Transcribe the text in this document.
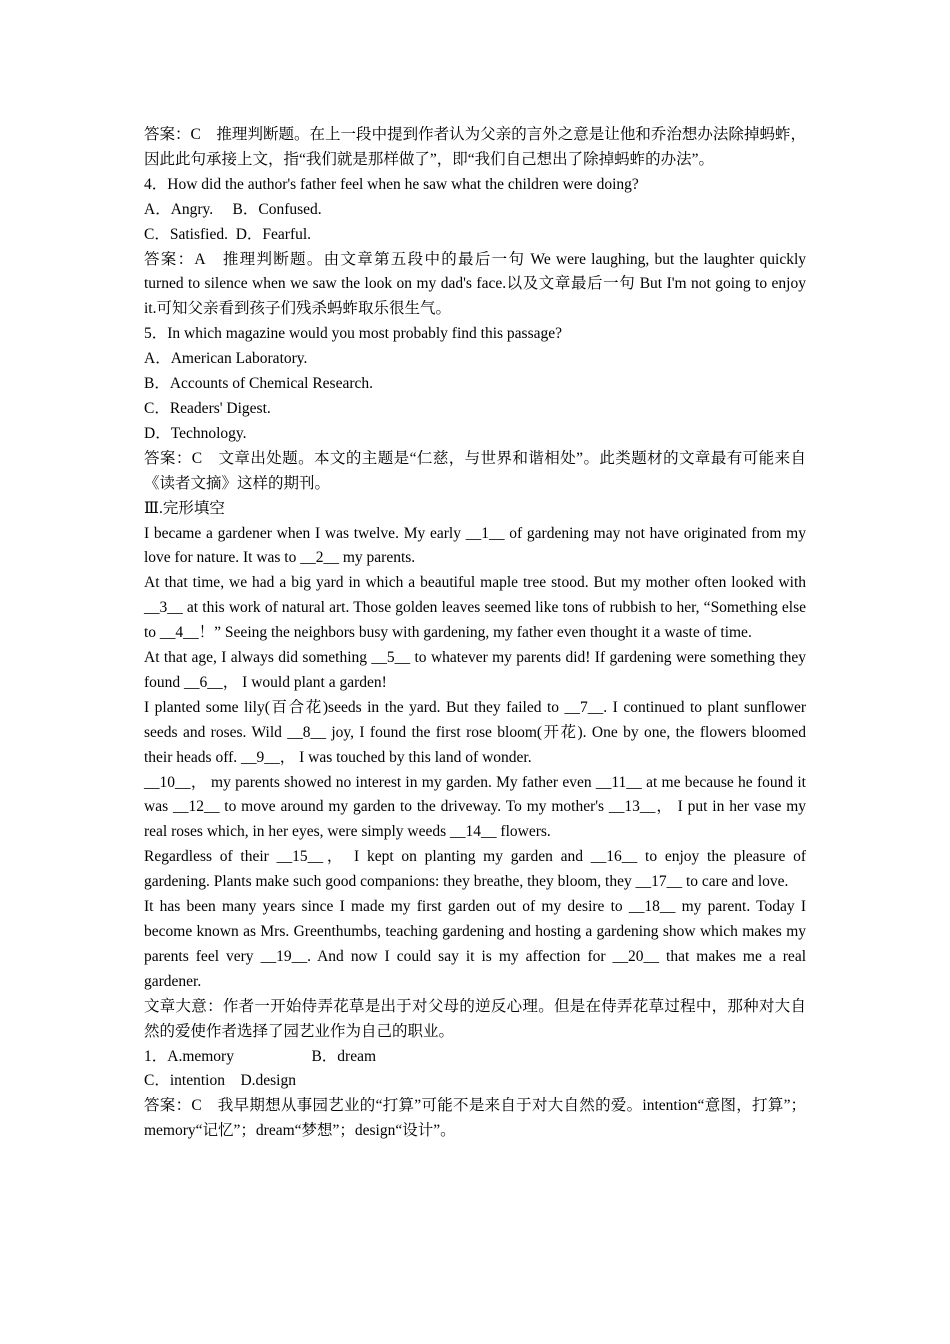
答案：C　推理判断题。在上一段中提到作者认为父亲的言外之意是让他和乔治想办法除掉蚂蚱，因此此句承接上文，指“我们就是那样做了”，即“我们自己想出了除掉蚂蚱的办法”。

4．How did the author's father feel when he saw what the children were doing?

A．Angry.　 B．Confused.

C．Satisfied.  D．Fearful.

答案：A　推理判断题。由文章第五段中的最后一句 We were laughing, but the laughter quickly turned to silence when we saw the look on my dad's face.以及文章最后一句 But I'm not going to enjoy it.可知父亲看到孩子们残杀蚂蚱取乐很生气。

5．In which magazine would you most probably find this passage?

A．American Laboratory.

B．Accounts of Chemical Research.

C．Readers' Digest.

D．Technology.

答案：C　文章出处题。本文的主题是“仁慈，与世界和谐相处”。此类题材的文章最有可能来自《读者文摘》这样的期刊。

Ⅲ.完形填空

I became a gardener when I was twelve. My early __1__ of gardening may not have originated from my love for nature. It was to __2__ my parents.

At that time, we had a big yard in which a beautiful maple tree stood. But my mother often looked with __3__ at this work of natural art. Those golden leaves seemed like tons of rubbish to her, “Something else to __4__！” Seeing the neighbors busy with gardening, my father even thought it a waste of time.

At that age, I always did something __5__ to whatever my parents did! If gardening were something they found __6__， I would plant a garden!

I planted some lily(百合花)seeds in the yard. But they failed to __7__. I continued to plant sunflower seeds and roses. Wild __8__ joy, I found the first rose bloom(开花). One by one, the flowers bloomed their heads off. __9__， I was touched by this land of wonder.

__10__， my parents showed no interest in my garden. My father even __11__ at me because he found it was __12__ to move around my garden to the driveway. To my mother's __13__， I put in her vase my real roses which, in her eyes, were simply weeds __14__ flowers.

Regardless of their __15__， I kept on planting my garden and __16__ to enjoy the pleasure of gardening. Plants make such good companions: they breathe, they bloom, they __17__ to care and love.

It has been many years since I made my first garden out of my desire to __18__ my parent. Today I become known as Mrs. Greenthumbs, teaching gardening and hosting a gardening show which makes my parents feel very __19__. And now I could say it is my affection for __20__ that makes me a real gardener.

文章大意：作者一开始侍弄花草是出于对父母的逆反心理。但是在侍弄花草过程中，那种对大自然的爱使作者选择了园艺业作为自己的职业。

1．A.memory　　　　　B．dream

C．intention　D.design

答案：C　我早期想从事园艺业的“打算”可能不是来自于对大自然的爱。intention“意图，打算”；memory“记忆”；dream“梦想”；design“设计”。
